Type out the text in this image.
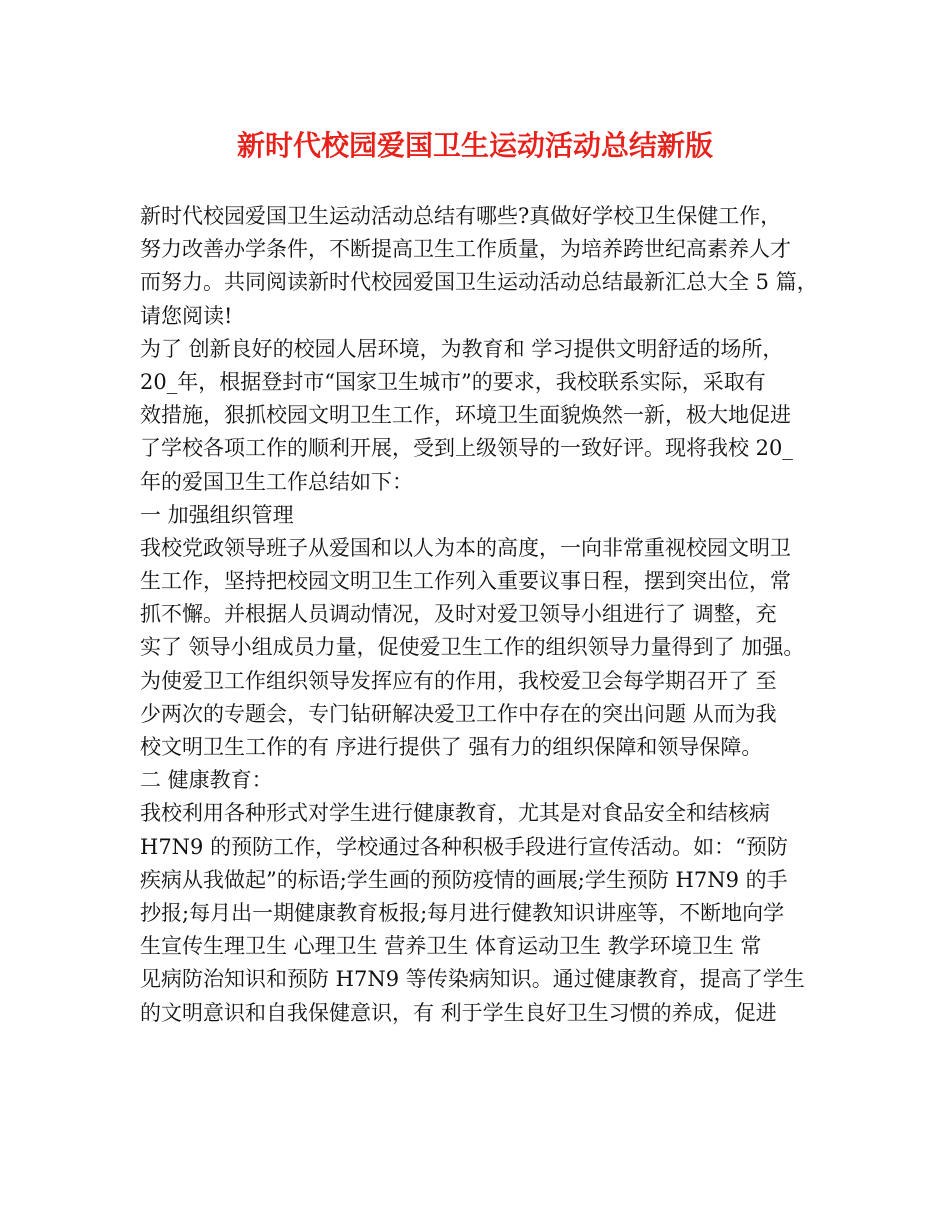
新时代校园爱国卫生运动活动总结新版
新时代校园爱国卫生运动活动总结有哪些?真做好学校卫生保健工作，
努力改善办学条件，不断提高卫生工作质量，为培养跨世纪高素养人才
而努力。共同阅读新时代校园爱国卫生运动活动总结最新汇总大全 5 篇，
请您阅读!
为了 创新良好的校园人居环境，为教育和 学习提供文明舒适的场所，
20_年，根据登封市“国家卫生城市”的要求，我校联系实际，采取有
效措施，狠抓校园文明卫生工作，环境卫生面貌焕然一新，极大地促进
了学校各项工作的顺利开展，受到上级领导的一致好评。现将我校 20_
年的爱国卫生工作总结如下：
一 加强组织管理
我校党政领导班子从爱国和以人为本的高度，一向非常重视校园文明卫
生工作，坚持把校园文明卫生工作列入重要议事日程，摆到突出位，常
抓不懈。并根据人员调动情况，及时对爱卫领导小组进行了 调整，充
实了 领导小组成员力量，促使爱卫生工作的组织领导力量得到了 加强。
为使爱卫工作组织领导发挥应有的作用，我校爱卫会每学期召开了 至
少两次的专题会，专门钻研解决爱卫工作中存在的突出问题 从而为我
校文明卫生工作的有 序进行提供了 强有力的组织保障和领导保障。
二 健康教育：
我校利用各种形式对学生进行健康教育，尤其是对食品安全和结核病
H7N9 的预防工作，学校通过各种积极手段进行宣传活动。如：“预防
疾病从我做起”的标语;学生画的预防疫情的画展;学生预防 H7N9 的手
抄报;每月出一期健康教育板报;每月进行健教知识讲座等，不断地向学
生宣传生理卫生 心理卫生 营养卫生 体育运动卫生 教学环境卫生 常
见病防治知识和预防 H7N9 等传染病知识。通过健康教育，提高了学生
的文明意识和自我保健意识，有 利于学生良好卫生习惯的养成，促进
